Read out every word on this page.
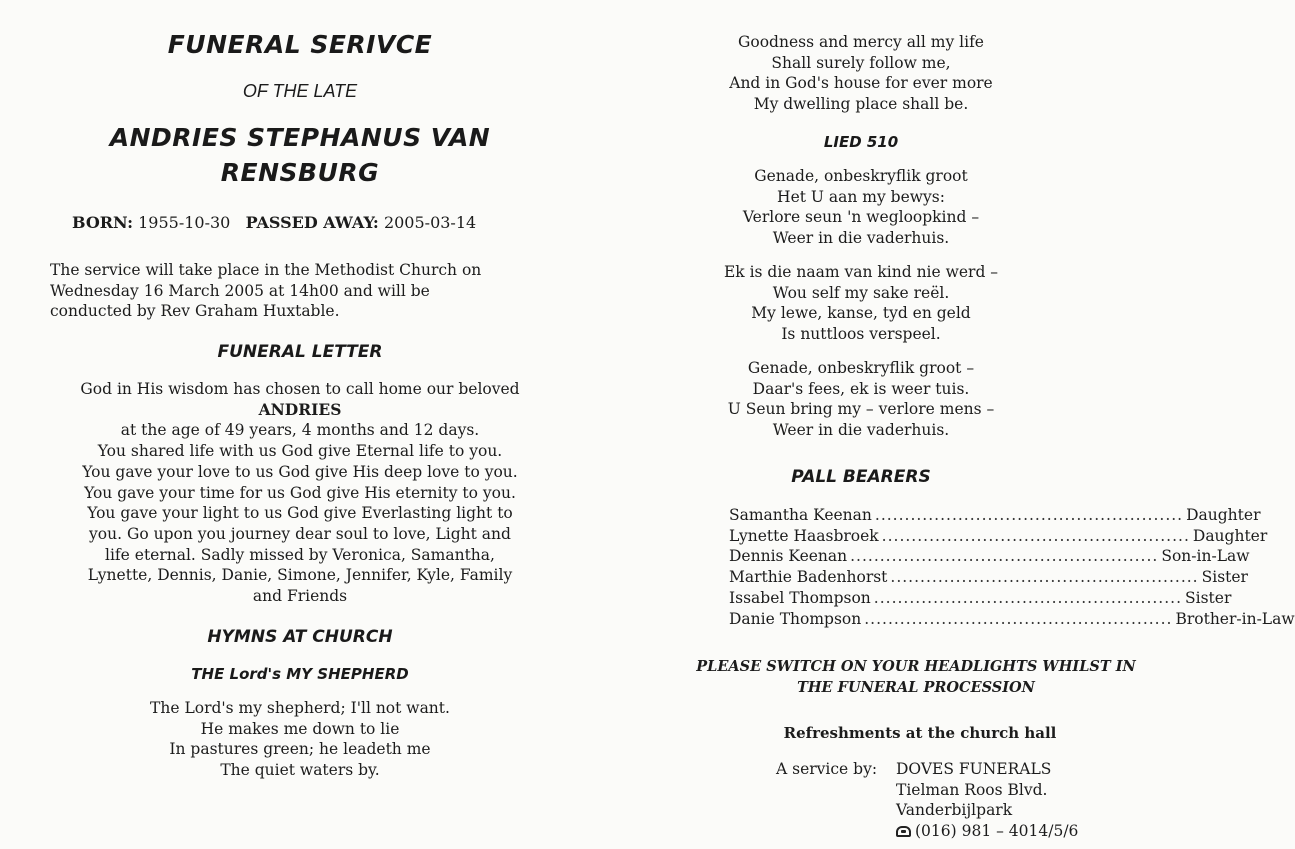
FUNERAL SERIVCE
OF THE LATE
ANDRIES STEPHANUS VAN
RENSBURG
BORN: 1955-10-30 PASSED AWAY: 2005-03-14
The service will take place in the Methodist Church on
Wednesday 16 March 2005 at 14h00 and will be
conducted by Rev Graham Huxtable.
FUNERAL LETTER
God in His wisdom has chosen to call home our beloved
ANDRIES
at the age of 49 years, 4 months and 12 days.
You shared life with us God give Eternal life to you.
You gave your love to us God give His deep love to you.
You gave your time for us God give His eternity to you.
You gave your light to us God give Everlasting light to
you. Go upon you journey dear soul to love, Light and
life eternal. Sadly missed by Veronica, Samantha,
Lynette, Dennis, Danie, Simone, Jennifer, Kyle, Family
and Friends
HYMNS AT CHURCH
THE Lord's MY SHEPHERD
The Lord's my shepherd; I'll not want.
He makes me down to lie
In pastures green; he leadeth me
The quiet waters by.
Goodness and mercy all my life
Shall surely follow me,
And in God's house for ever more
My dwelling place shall be.
LIED 510
Genade, onbeskryflik groot
Het U aan my bewys:
Verlore seun 'n wegloopkind –
Weer in die vaderhuis.
Ek is die naam van kind nie werd –
Wou self my sake reël.
My lewe, kanse, tyd en geld
Is nuttloos verspeel.
Genade, onbeskryflik groot –
Daar's fees, ek is weer tuis.
U Seun bring my – verlore mens –
Weer in die vaderhuis.
PALL BEARERS
Samantha Keenan .................................................... Daughter
Lynette Haasbroek .................................................... Daughter
Dennis Keenan .................................................... Son-in-Law
Marthie Badenhorst .................................................... Sister
Issabel Thompson .................................................... Sister
Danie Thompson .................................................... Brother-in-Law
PLEASE SWITCH ON YOUR HEADLIGHTS WHILST IN
THE FUNERAL PROCESSION
Refreshments at the church hall
A service by:	DOVES FUNERALS
Tielman Roos Blvd.
Vanderbijlpark
(016) 981 – 4014/5/6
